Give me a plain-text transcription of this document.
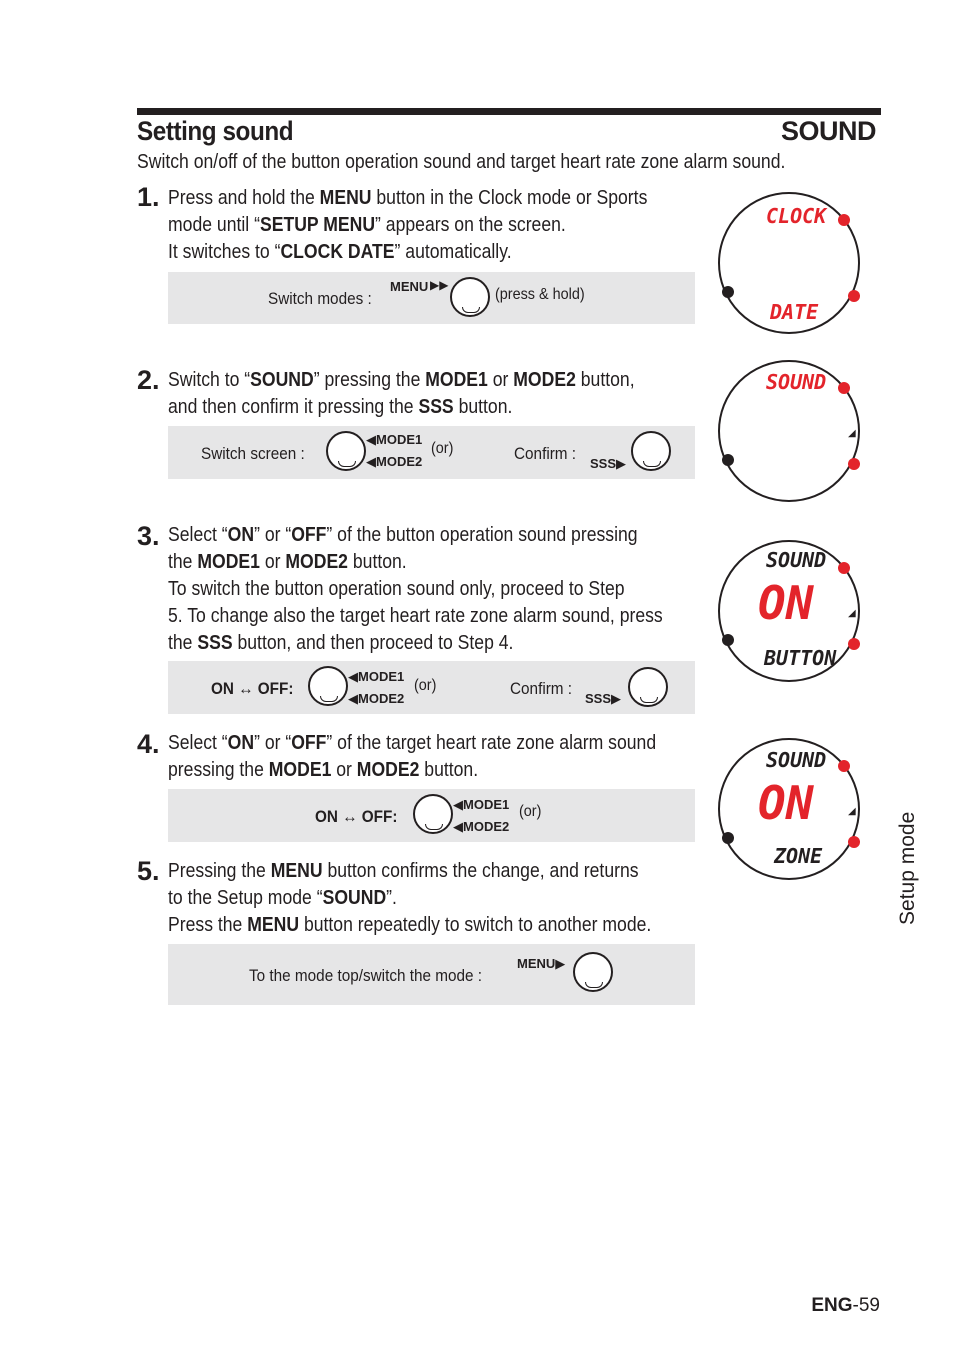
Setting sound	SOUND
Switch on/off of the button operation sound and target heart rate zone alarm sound.
1. Press and hold the MENU button in the Clock mode or Sports
mode until “SETUP MENU” appears on the screen.
It switches to “CLOCK DATE” automatically.
Switch modes :
MENU ▶▶
(press & hold)
CLOCK
DATE
2. Switch to “SOUND” pressing the MODE1 or MODE2 button,
and then confirm it pressing the SSS button.
Switch screen :
◀MODE1
◀MODE2
(or)	Confirm :
SSS▶
◢
SOUND
3. Select “ON” or “OFF” of the button operation sound pressing
the MODE1 or MODE2 button.
To switch the button operation sound only, proceed to Step
5. To change also the target heart rate zone alarm sound, press
the SSS button, and then proceed to Step 4.
ON ↔ OFF:
◀MODE1
◀MODE2
(or)	Confirm :
SSS▶
◢
SOUND
ON
BUTTON
4. Select “ON” or “OFF” of the target heart rate zone alarm sound
pressing the MODE1 or MODE2 button.
ON ↔ OFF:
◀MODE1
◀MODE2
(or)	◢
SOUND
ON
ZONE
5. Pressing the MENU button confirms the change, and returns
to the Setup mode “SOUND”.
Press the MENU button repeatedly to switch to another mode.
To the mode top/switch the mode :
MENU▶
Setup mode
ENG-59
